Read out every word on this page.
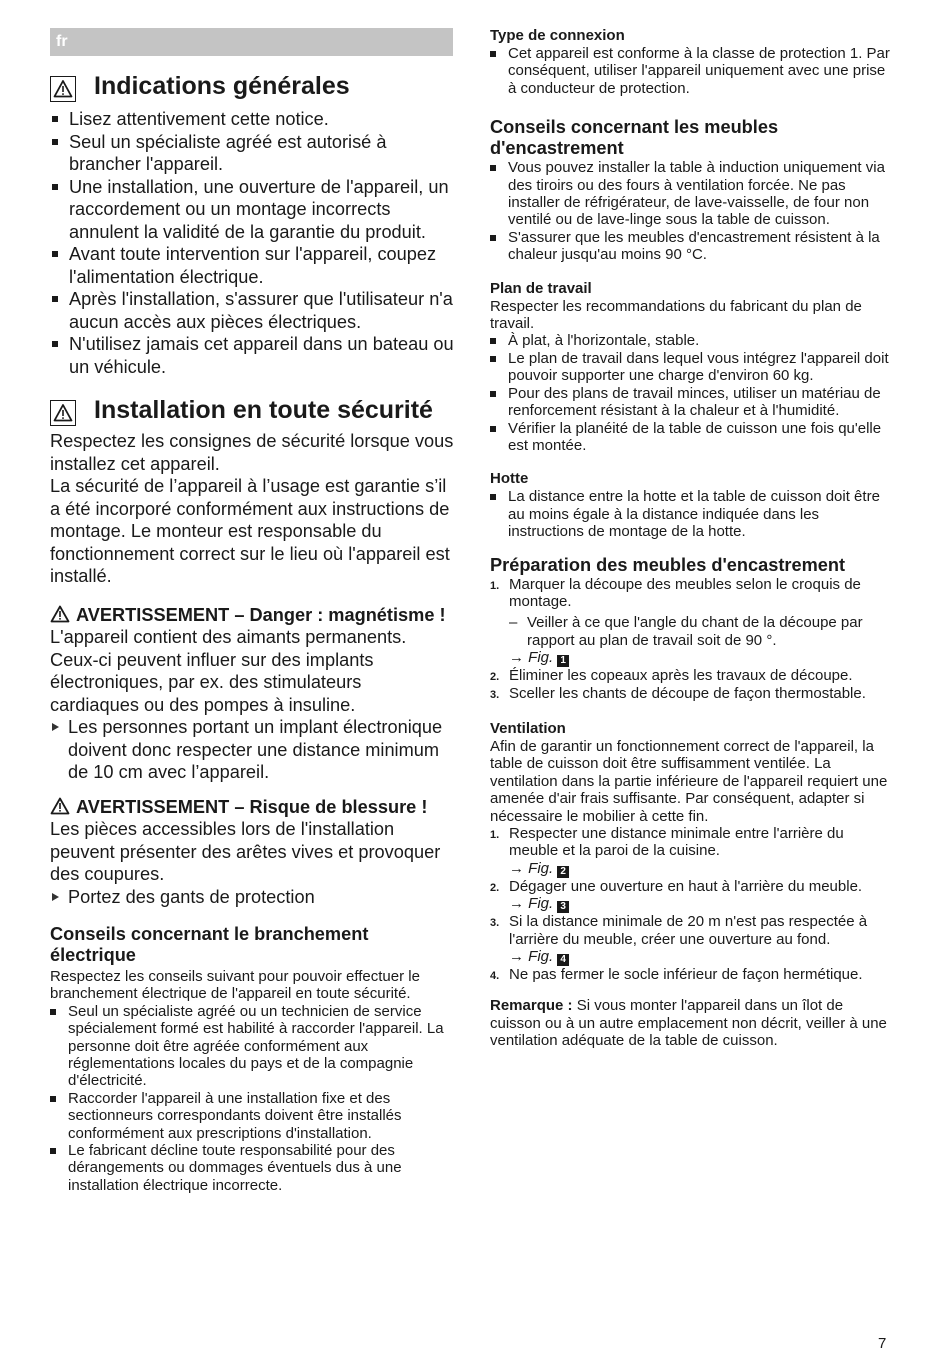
fr
Indications générales
Lisez attentivement cette notice.
Seul un spécialiste agréé est autorisé à brancher l'appareil.
Une installation, une ouverture de l'appareil, un raccordement ou un montage incorrects annulent la validité de la garantie du produit.
Avant toute intervention sur l'appareil, coupez l'alimentation électrique.
Après l'installation, s'assurer que l'utilisateur n'a aucun accès aux pièces électriques.
N'utilisez jamais cet appareil dans un bateau ou un véhicule.
Installation en toute sécurité
Respectez les consignes de sécurité lorsque vous installez cet appareil.
La sécurité de l’appareil à l’usage est garantie s’il a été incorporé conformément aux instructions de montage. Le monteur est responsable du fonctionnement correct sur le lieu où l'appareil est installé.
AVERTISSEMENT – Danger : magnétisme !
L'appareil contient des aimants permanents. Ceux-ci peuvent influer sur des implants électroniques, par ex. des stimulateurs cardiaques ou des pompes à insuline.
Les personnes portant un implant électronique doivent donc respecter une distance minimum de 10 cm avec l’appareil.
AVERTISSEMENT – Risque de blessure !
Les pièces accessibles lors de l'installation peuvent présenter des arêtes vives et provoquer des coupures.
Portez des gants de protection
Conseils concernant le branchement électrique
Respectez les conseils suivant pour pouvoir effectuer le branchement électrique de l'appareil en toute sécurité.
Seul un spécialiste agréé ou un technicien de service spécialement formé est habilité à raccorder l'appareil. La personne doit être agréée conformément aux réglementations locales du pays et de la compagnie d'électricité.
Raccorder l'appareil à une installation fixe et des sectionneurs correspondants doivent être installés conformément aux prescriptions d'installation.
Le fabricant décline toute responsabilité pour des dérangements ou dommages éventuels dus à une installation électrique incorrecte.
Type de connexion
Cet appareil est conforme à la classe de protection 1. Par conséquent, utiliser l'appareil uniquement avec une prise à conducteur de protection.
Conseils concernant les meubles d'encastrement
Vous pouvez installer la table à induction uniquement via des tiroirs ou des fours à ventilation forcée. Ne pas installer de réfrigérateur, de lave-vaisselle, de four non ventilé ou de lave-linge sous la table de cuisson.
S'assurer que les meubles d'encastrement résistent à la chaleur jusqu'au moins 90 °C.
Plan de travail
Respecter les recommandations du fabricant du plan de travail.
À plat, à l'horizontale, stable.
Le plan de travail dans lequel vous intégrez l'appareil doit pouvoir supporter une charge d'environ 60 kg.
Pour des plans de travail minces, utiliser un matériau de renforcement résistant à la chaleur et à l'humidité.
Vérifier la planéité de la table de cuisson une fois qu'elle est montée.
Hotte
La distance entre la hotte et la table de cuisson doit être au moins égale à la distance indiquée dans les instructions de montage de la hotte.
Préparation des meubles d'encastrement
1. Marquer la découpe des meubles selon le croquis de montage.
– Veiller à ce que l'angle du chant de la découpe par rapport au plan de travail soit de 90 °.
→ Fig. 1
2. Éliminer les copeaux après les travaux de découpe.
3. Sceller les chants de découpe de façon thermostable.
Ventilation
Afin de garantir un fonctionnement correct de l'appareil, la table de cuisson doit être suffisamment ventilée. La ventilation dans la partie inférieure de l'appareil requiert une amenée d'air frais suffisante. Par conséquent, adapter si nécessaire le mobilier à cette fin.
1. Respecter une distance minimale entre l'arrière du meuble et la paroi de la cuisine.
→ Fig. 2
2. Dégager une ouverture en haut à l'arrière du meuble.
→ Fig. 3
3. Si la distance minimale de 20 m n'est pas respectée à l'arrière du meuble, créer une ouverture au fond.
→ Fig. 4
4. Ne pas fermer le socle inférieur de façon hermétique.
Remarque : Si vous monter l'appareil dans un îlot de cuisson ou à un autre emplacement non décrit, veiller à une ventilation adéquate de la table de cuisson.
7
